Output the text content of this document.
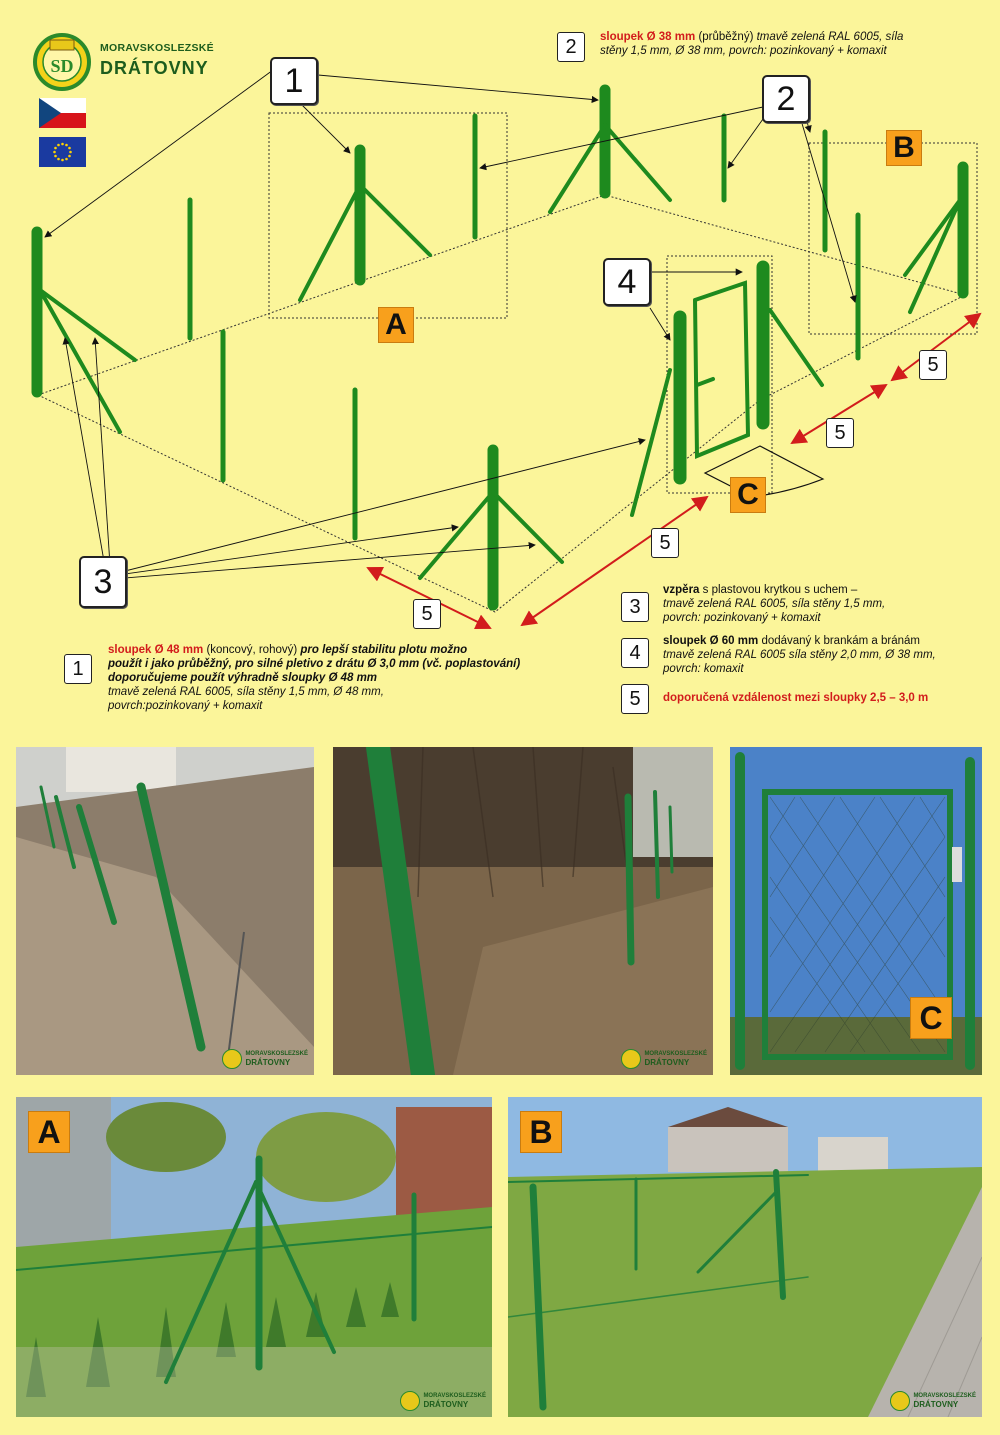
SD
MORAVSKOSLEZSKÉ
DRÁTOVNY	1	2
4
3
5
5
5
5
A
B
C
2	sloupek Ø 38 mm (průběžný) tmavě zelená RAL 6005, síla
stěny 1,5 mm, Ø 38 mm, povrch: pozinkovaný + komaxit
1
sloupek Ø 48 mm (koncový, rohový) pro lepší stabilitu plotu možno
použít i jako průběžný, pro silné pletivo z drátu Ø 3,0 mm (vč. poplastování)
doporučujeme použít výhradně sloupky Ø 48 mm
tmavě zelená RAL 6005, síla stěny 1,5 mm, Ø 48 mm,
povrch:pozinkovaný + komaxit
3
vzpěra s plastovou krytkou s uchem –
tmavě zelená RAL 6005, síla stěny 1,5 mm,
povrch: pozinkovaný + komaxit
4
sloupek Ø 60 mm dodávaný k brankám a bránám
tmavě zelená RAL 6005 síla stěny 2,0 mm, Ø 38 mm,
povrch: komaxit
5	doporučená vzdálenost mezi sloupky 2,5 – 3,0 m
MORAVSKOSLEZSKÉ
DRÁTOVNY
MORAVSKOSLEZSKÉ
DRÁTOVNY
C
A
MORAVSKOSLEZSKÉ
DRÁTOVNY
B
MORAVSKOSLEZSKÉ
DRÁTOVNY
